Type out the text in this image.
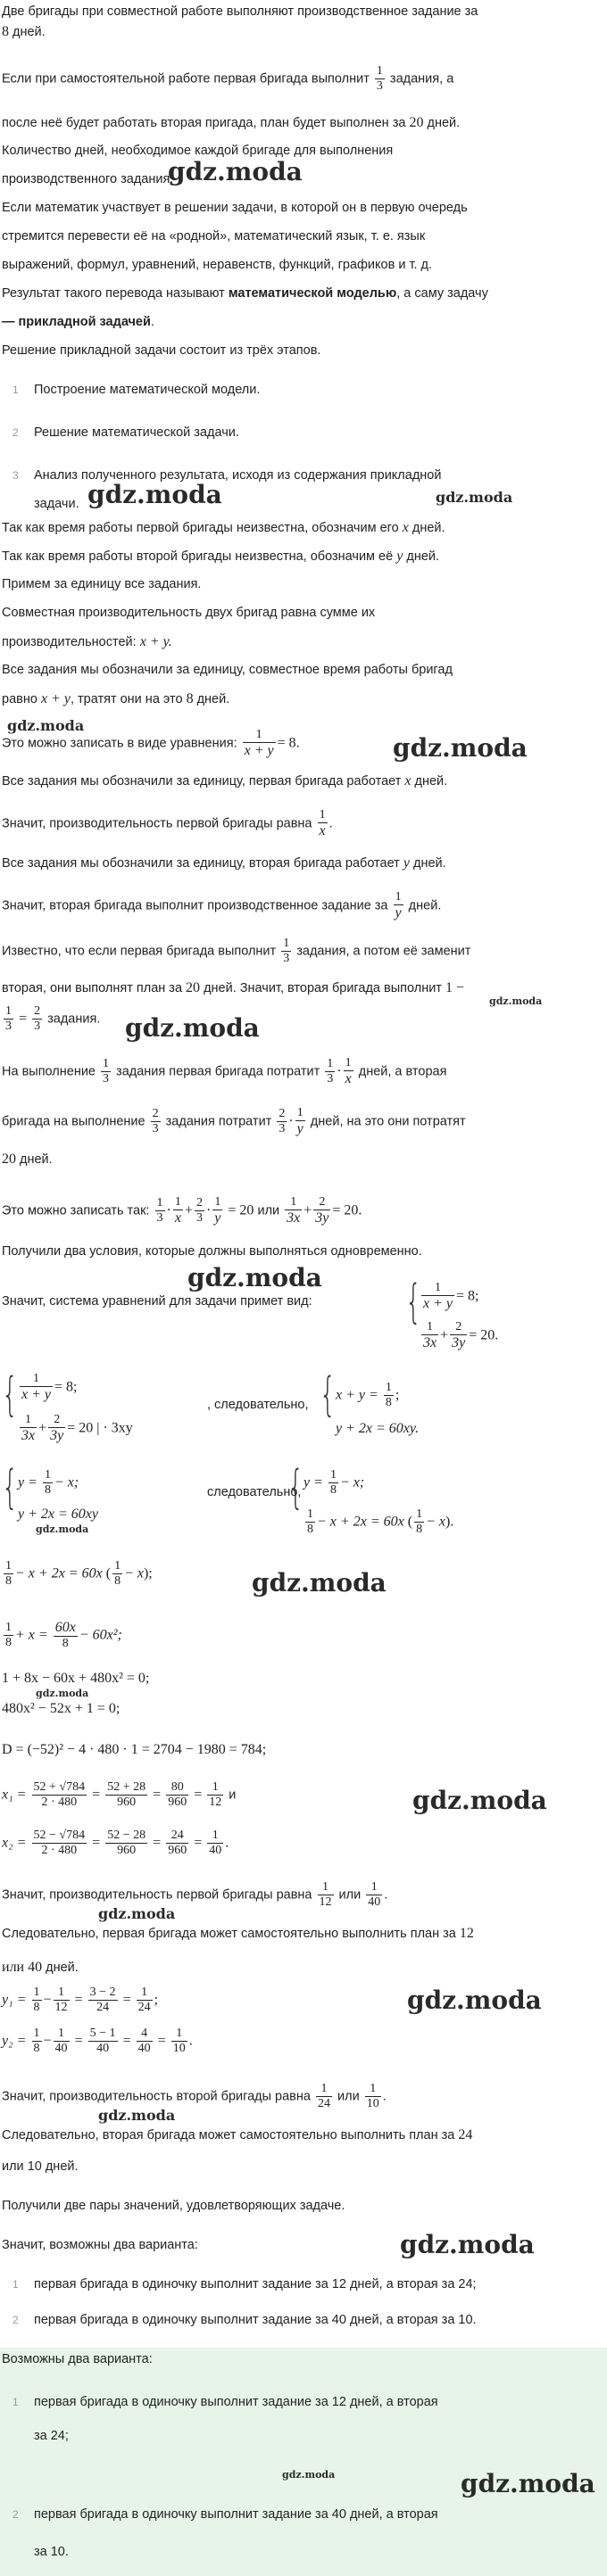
Две бригады при совместной работе выполняют производственное задание за
8 дней.
Если при самостоятельной работе первая бригада выполнит $\frac{1}{3}$ задания, а
после неё будет работать вторая пригада, план будет выполнен за 20 дней.
Количество дней, необходимое каждой бригаде для выполнения
производственного задания.
gdz.moda
Если математик участвует в решении задачи, в которой он в первую очередь
стремится перевести её на «родной», математический язык, т. е. язык
выражений, формул, уравнений, неравенств, функций, графиков и т. д.
Результат такого перевода называют математической моделью, а саму задачу
— прикладной задачей.
Решение прикладной задачи состоит из трёх этапов.
1 Построение математической модели.
2 Решение математической задачи.
3 Анализ полученного результата, исходя из содержания прикладной
задачи. gdz.moda	gdz.moda
Так как время работы первой бригады неизвестна, обозначим его x дней.
Так как время работы второй бригады неизвестна, обозначим её y дней.
Примем за единицу все задания.
Совместная производительность двух бригад равна сумме их
производительностей: x + y.
Все задания мы обозначили за единицу, совместное время работы бригад
равно x + y, тратят они на это 8 дней.
gdz.moda
Это можно записать в виде уравнения: $\frac{1}{x + y} = 8$.	gdz.moda
Все задания мы обозначили за единицу, первая бригада работает x дней.
Значит, производительность первой бригады равна $\frac{1}{x}$ .
Все задания мы обозначили за единицу, вторая бригада работает y дней.
Значит, вторая бригада выполнит производственное задание за $\frac{1}{y}$ дней.
Известно, что если первая бригада выполнит $\frac{1}{3}$ задания, а потом её заменит
вторая, они выполнят план за 20 дней. Значит, вторая бригада выполнит 1 −
gdz.moda
$\frac{1}{3} = \frac{2}{3}$ задания. gdz.moda
На выполнение $\frac{1}{3}$ задания первая бригада потратит $\frac{1}{3} \cdot \frac{1}{x}$ дней, а вторая
бригада на выполнение $\frac{2}{3}$ задания потратит $\frac{2}{3} \cdot \frac{1}{y}$ дней, на это они потратят
20 дней.
Это можно записать так: $\frac{1}{3} \cdot \frac{1}{x} + \frac{2}{3} \cdot \frac{1}{y} = 20$ или $\frac{1}{3x} + \frac{2}{3y} = 20$.
Получили два условия, которые должны выполняться одновременно.
gdz.moda
Значит, система уравнений для задачи примет вид:	{ $\frac{1}{x + y} = 8$;
$\frac{1}{3x} + \frac{2}{3y} = 20$.
{ $\frac{1}{x + y} = 8$;
$\frac{1}{3x} + \frac{2}{3y} = 20$ | · 3xy
, следовательно, { $x + y = \frac{1}{8}$ ;
y + 2x = 60xy.
{ $y = \frac{1}{8} - x$;
y + 2x = 60xy
gdz.moda
следовательно,
{ $y = \frac{1}{8} - x$;
$\frac{1}{8} - x + 2x = 60x$ ( $\frac{1}{8} - x$).
$\frac{1}{8} - x + 2x = 60x$ ( $\frac{1}{8} - x$);	gdz.moda
$\frac{1}{8} + x = \frac{60x}{8} - 60x^2$;
1 + 8x − 60x + 480x² = 0;
gdz.moda
480x² − 52x + 1 = 0;
D = (−52)² − 4 · 480 · 1 = 2704 − 1980 = 784;
$x_1 = \frac{52 + √784}{2 \cdot 480} = \frac{52 + 28}{960} = \frac{80}{960} = \frac{1}{12}$ и	gdz.moda
$x_2 = \frac{52 - √784}{2 \cdot 480} = \frac{52 - 28}{960} = \frac{24}{960} = \frac{1}{40}$ .
Значит, производительность первой бригады равна $\frac{1}{12}$ или $\frac{1}{40}$ .
gdz.moda
Следовательно, первая бригада может самостоятельно выполнить план за 12
или 40 дней.
$y_1 = \frac{1}{8} - \frac{1}{12} = \frac{3 - 2}{24} = \frac{1}{24}$ ;	gdz.moda
$y_2 = \frac{1}{8} - \frac{1}{40} = \frac{5 - 1}{40} = \frac{4}{40} = \frac{1}{10}$ .
Значит, производительность второй бригады равна $\frac{1}{24}$ или $\frac{1}{10}$ .
gdz.moda
Следовательно, вторая бригада может самостоятельно выполнить план за 24
или 10 дней.
Получили две пары значений, удовлетворяющих задаче.
Значит, возможны два варианта:	gdz.moda
1 первая бригада в одиночку выполнит задание за 12 дней, а вторая за 24;
2 первая бригада в одиночку выполнит задание за 40 дней, а вторая за 10.
Возможны два варианта:
1 первая бригада в одиночку выполнит задание за 12 дней, а вторая
за 24;
gdz.moda	gdz.moda
2 первая бригада в одиночку выполнит задание за 40 дней, а вторая
за 10.
